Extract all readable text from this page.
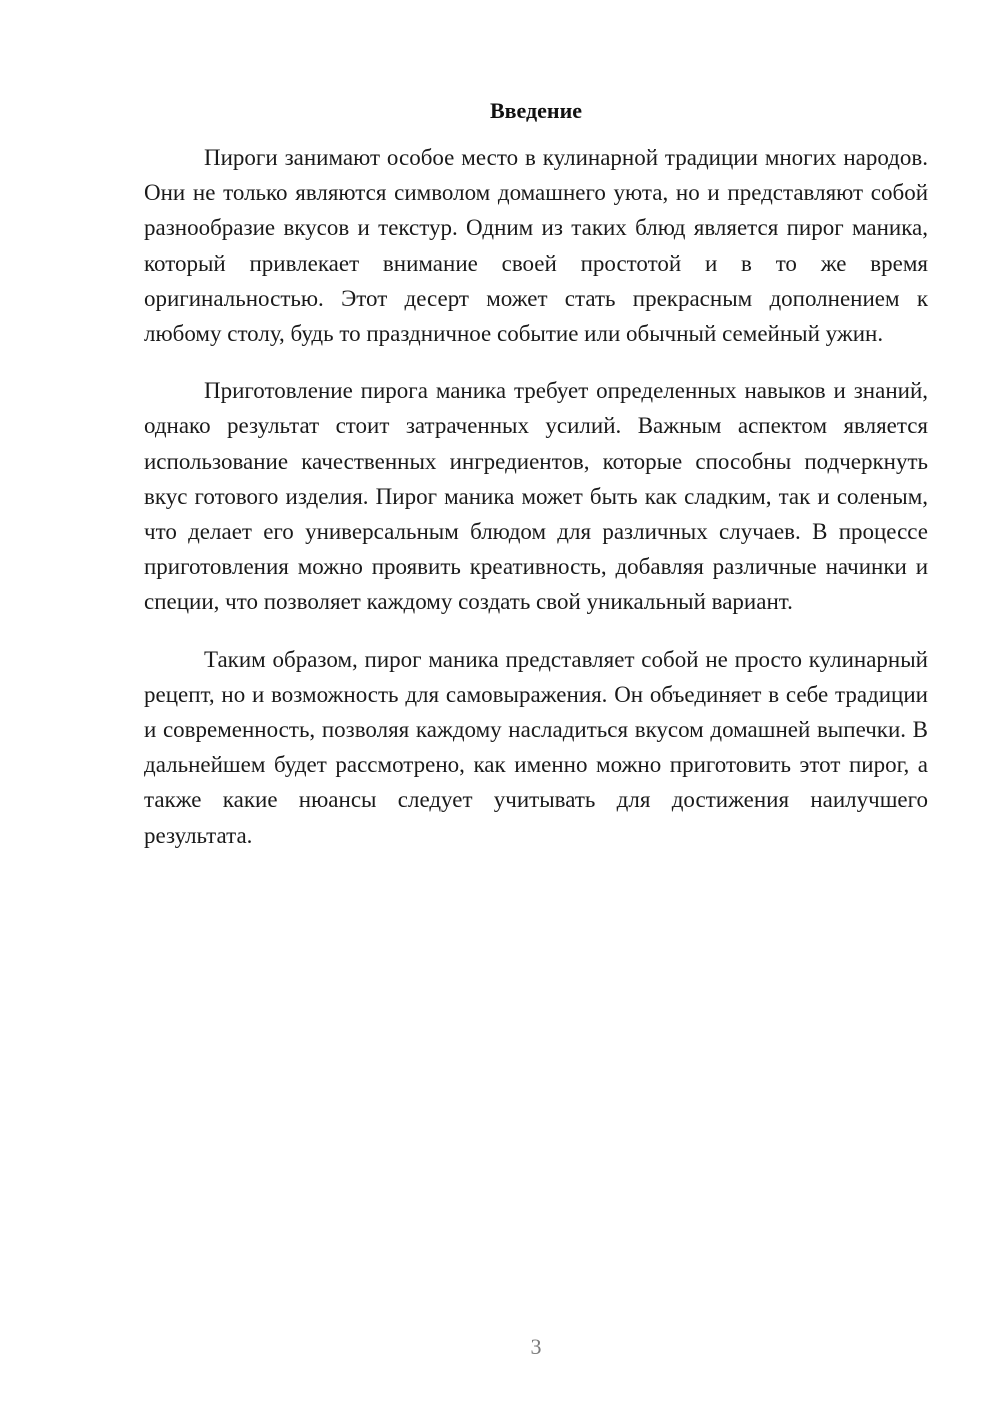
Введение

Пироги занимают особое место в кулинарной традиции многих народов. Они не только являются символом домашнего уюта, но и представляют собой разнообразие вкусов и текстур. Одним из таких блюд является пирог маника, который привлекает внимание своей простотой и в то же время оригинальностью. Этот десерт может стать прекрасным дополнением к любому столу, будь то праздничное событие или обычный семейный ужин.

Приготовление пирога маника требует определенных навыков и знаний, однако результат стоит затраченных усилий. Важным аспектом является использование качественных ингредиентов, которые способны подчеркнуть вкус готового изделия. Пирог маника может быть как сладким, так и соленым, что делает его универсальным блюдом для различных случаев. В процессе приготовления можно проявить креативность, добавляя различные начинки и специи, что позволяет каждому создать свой уникальный вариант.

Таким образом, пирог маника представляет собой не просто кулинарный рецепт, но и возможность для самовыражения. Он объединяет в себе традиции и современность, позволяя каждому насладиться вкусом домашней выпечки. В дальнейшем будет рассмотрено, как именно можно приготовить этот пирог, а также какие нюансы следует учитывать для достижения наилучшего результата.

3
